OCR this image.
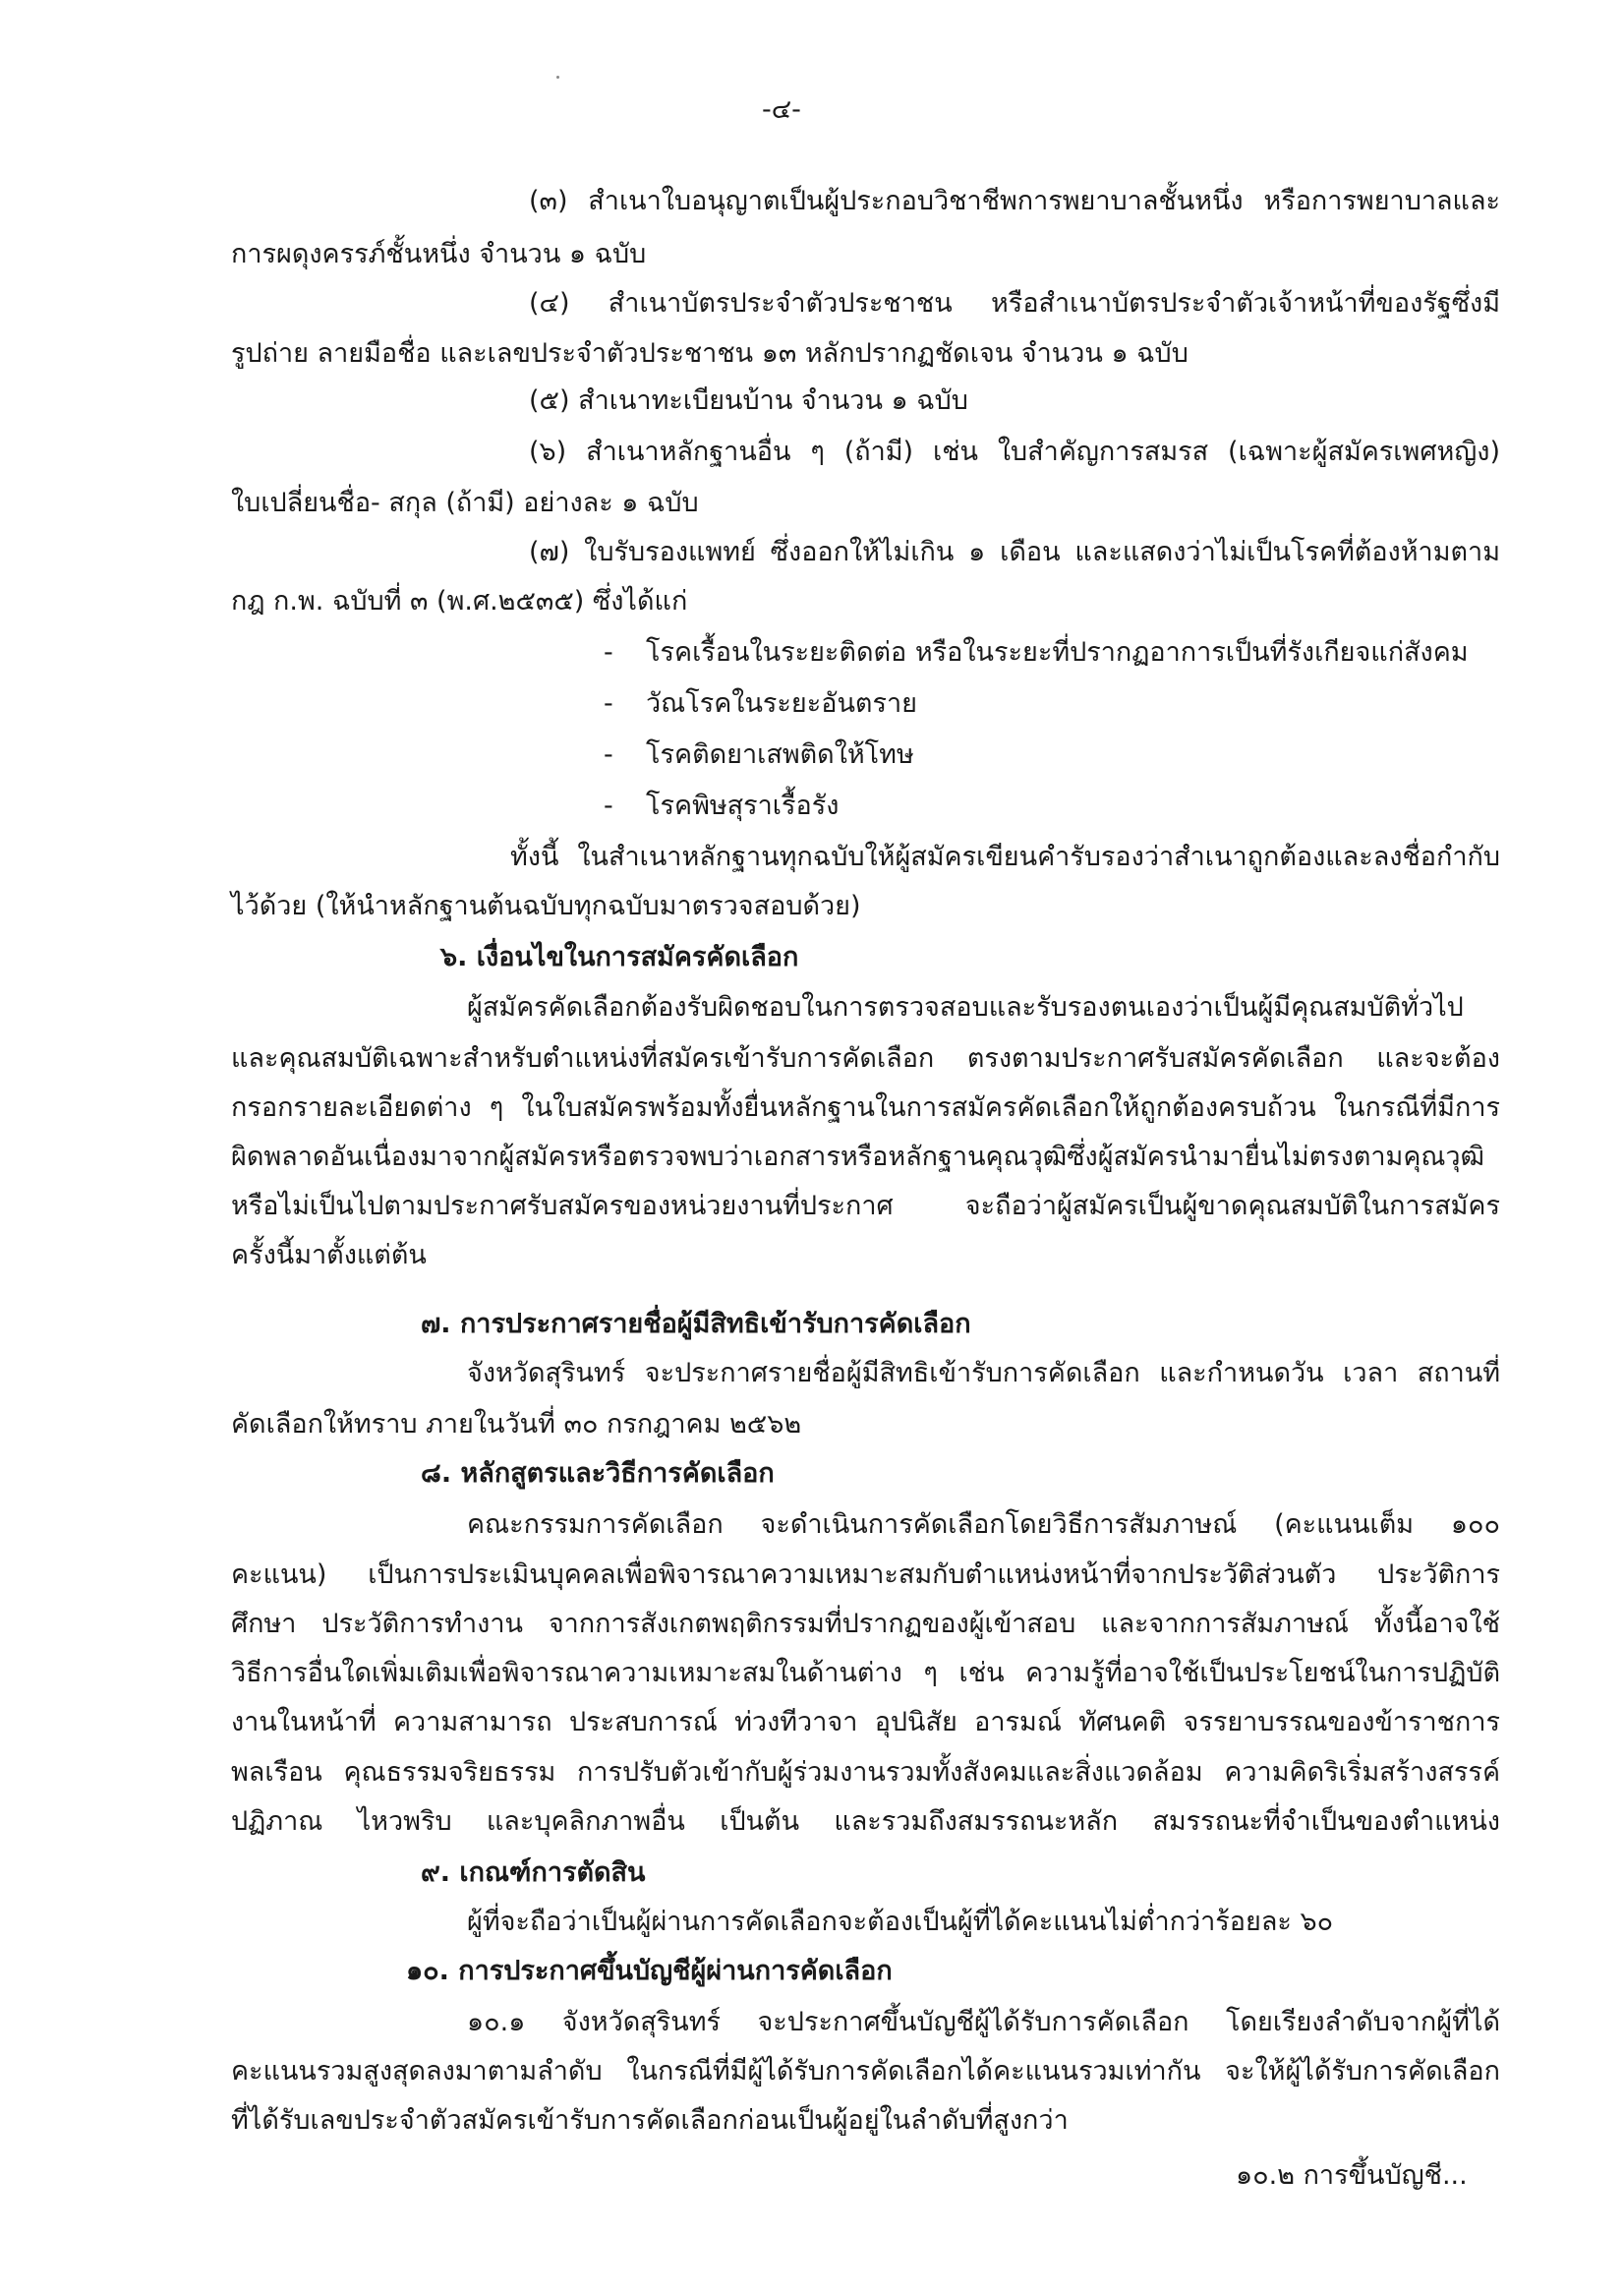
-๔-
(๓) สำเนาใบอนุญาตเป็นผู้ประกอบวิชาชีพการพยาบาลชั้นหนึ่ง หรือการพยาบาลและ
การผดุงครรภ์ชั้นหนึ่ง จำนวน ๑ ฉบับ
(๔) สำเนาบัตรประจำตัวประชาชน หรือสำเนาบัตรประจำตัวเจ้าหน้าที่ของรัฐซึ่งมี
รูปถ่าย ลายมือชื่อ และเลขประจำตัวประชาชน ๑๓ หลักปรากฏชัดเจน จำนวน ๑ ฉบับ
(๕) สำเนาทะเบียนบ้าน จำนวน ๑ ฉบับ
(๖) สำเนาหลักฐานอื่น ๆ (ถ้ามี) เช่น ใบสำคัญการสมรส (เฉพาะผู้สมัครเพศหญิง)
ใบเปลี่ยนชื่อ- สกุล (ถ้ามี) อย่างละ ๑ ฉบับ
(๗) ใบรับรองแพทย์ ซึ่งออกให้ไม่เกิน ๑ เดือน และแสดงว่าไม่เป็นโรคที่ต้องห้ามตาม
กฎ ก.พ. ฉบับที่ ๓ (พ.ศ.๒๕๓๕) ซึ่งได้แก่
- โรคเรื้อนในระยะติดต่อ หรือในระยะที่ปรากฏอาการเป็นที่รังเกียจแก่สังคม
- วัณโรคในระยะอันตราย
- โรคติดยาเสพติดให้โทษ
- โรคพิษสุราเรื้อรัง
ทั้งนี้ ในสำเนาหลักฐานทุกฉบับให้ผู้สมัครเขียนคำรับรองว่าสำเนาถูกต้องและลงชื่อกำกับ
ไว้ด้วย (ให้นำหลักฐานต้นฉบับทุกฉบับมาตรวจสอบด้วย)
๖. เงื่อนไขในการสมัครคัดเลือก
ผู้สมัครคัดเลือกต้องรับผิดชอบในการตรวจสอบและรับรองตนเองว่าเป็นผู้มีคุณสมบัติทั่วไป
และคุณสมบัติเฉพาะสำหรับตำแหน่งที่สมัครเข้ารับการคัดเลือก ตรงตามประกาศรับสมัครคัดเลือก และจะต้อง
กรอกรายละเอียดต่าง ๆ ในใบสมัครพร้อมทั้งยื่นหลักฐานในการสมัครคัดเลือกให้ถูกต้องครบถ้วน ในกรณีที่มีการ
ผิดพลาดอันเนื่องมาจากผู้สมัครหรือตรวจพบว่าเอกสารหรือหลักฐานคุณวุฒิซึ่งผู้สมัครนำมายื่นไม่ตรงตามคุณวุฒิ
หรือไม่เป็นไปตามประกาศรับสมัครของหน่วยงานที่ประกาศ จะถือว่าผู้สมัครเป็นผู้ขาดคุณสมบัติในการสมัคร
ครั้งนี้มาตั้งแต่ต้น
๗. การประกาศรายชื่อผู้มีสิทธิเข้ารับการคัดเลือก
จังหวัดสุรินทร์ จะประกาศรายชื่อผู้มีสิทธิเข้ารับการคัดเลือก และกำหนดวัน เวลา สถานที่
คัดเลือกให้ทราบ ภายในวันที่ ๓๐ กรกฎาคม ๒๕๖๒
๘. หลักสูตรและวิธีการคัดเลือก
คณะกรรมการคัดเลือก จะดำเนินการคัดเลือกโดยวิธีการสัมภาษณ์ (คะแนนเต็ม ๑๐๐
คะแนน) เป็นการประเมินบุคคลเพื่อพิจารณาความเหมาะสมกับตำแหน่งหน้าที่จากประวัติส่วนตัว ประวัติการ
ศึกษา ประวัติการทำงาน จากการสังเกตพฤติกรรมที่ปรากฏของผู้เข้าสอบ และจากการสัมภาษณ์ ทั้งนี้อาจใช้
วิธีการอื่นใดเพิ่มเติมเพื่อพิจารณาความเหมาะสมในด้านต่าง ๆ เช่น ความรู้ที่อาจใช้เป็นประโยชน์ในการปฏิบัติ
งานในหน้าที่ ความสามารถ ประสบการณ์ ท่วงทีวาจา อุปนิสัย อารมณ์ ทัศนคติ จรรยาบรรณของข้าราชการ
พลเรือน คุณธรรมจริยธรรม การปรับตัวเข้ากับผู้ร่วมงานรวมทั้งสังคมและสิ่งแวดล้อม ความคิดริเริ่มสร้างสรรค์
ปฏิภาณ ไหวพริบ และบุคลิกภาพอื่น เป็นต้น และรวมถึงสมรรถนะหลัก สมรรถนะที่จำเป็นของตำแหน่ง
๙. เกณฑ์การตัดสิน
ผู้ที่จะถือว่าเป็นผู้ผ่านการคัดเลือกจะต้องเป็นผู้ที่ได้คะแนนไม่ต่ำกว่าร้อยละ ๖๐
๑๐. การประกาศขึ้นบัญชีผู้ผ่านการคัดเลือก
๑๐.๑ จังหวัดสุรินทร์ จะประกาศขึ้นบัญชีผู้ได้รับการคัดเลือก โดยเรียงลำดับจากผู้ที่ได้
คะแนนรวมสูงสุดลงมาตามลำดับ ในกรณีที่มีผู้ได้รับการคัดเลือกได้คะแนนรวมเท่ากัน จะให้ผู้ได้รับการคัดเลือก
ที่ได้รับเลขประจำตัวสมัครเข้ารับการคัดเลือกก่อนเป็นผู้อยู่ในลำดับที่สูงกว่า
๑๐.๒ การขึ้นบัญชี...
